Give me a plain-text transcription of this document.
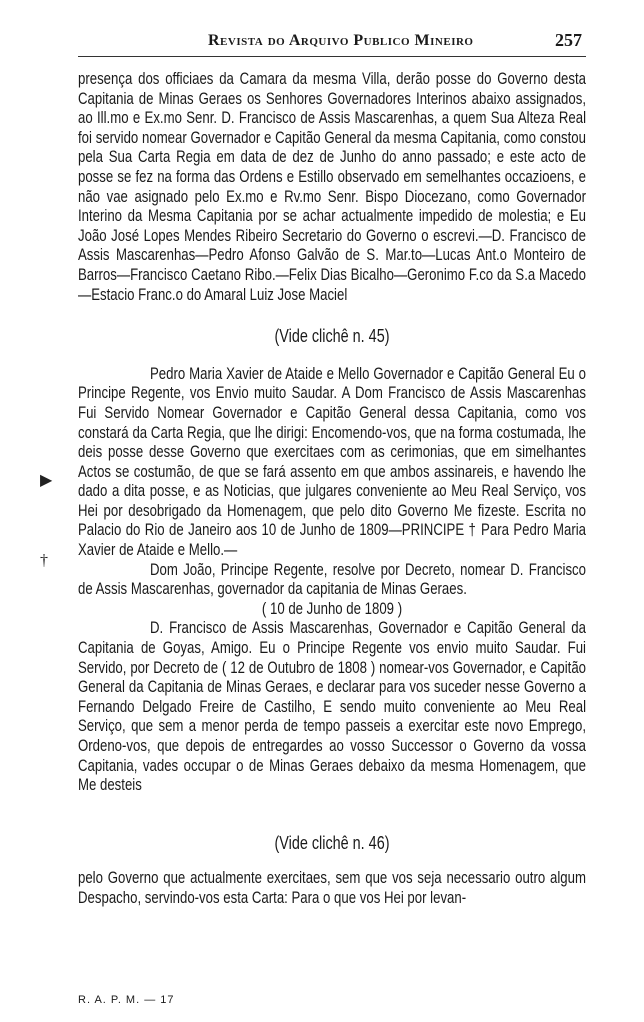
Revista do Arquivo Publico Mineiro	257
▶
†
presença dos officiaes da Camara da mesma Villa, derão posse do Governo desta Capitania de Minas Geraes os Senhores Governadores Interinos abaixo assignados, ao Ill.mo e Ex.mo Senr. D. Francisco de Assis Mascarenhas, a quem Sua Alteza Real foi servido nomear Governador e Capitão General da mesma Capitania, como constou pela Sua Carta Regia em data de dez de Junho do anno passado; e este acto de posse se fez na forma das Ordens e Estillo observado em semelhantes occazioens, e não vae asignado pelo Ex.mo e Rv.mo Senr. Bispo Diocezano, como Governador Interino da Mesma Capitania por se achar actualmente impedido de molestia; e Eu João José Lopes Mendes Ribeiro Secretario do Governo o escrevi.—D. Francisco de Assis Mascarenhas—Pedro Afonso Galvão de S. Mar.to—Lucas Ant.o Monteiro de Barros—Francisco Caetano Ribo.—Felix Dias Bicalho—Geronimo F.co da S.a Macedo—Estacio Franc.o do Amaral Luiz Jose Maciel
(Vide clichê n. 45)
Pedro Maria Xavier de Ataide e Mello Governador e Capitão General Eu o Principe Regente, vos Envio muito Saudar. A Dom Francisco de Assis Mascarenhas Fui Servido Nomear Governador e Capitão General dessa Capitania, como vos constará da Carta Regia, que lhe dirigi: Encomendo-vos, que na forma costumada, lhe deis posse desse Governo que exercitaes com as cerimonias, que em simelhantes Actos se costumão, de que se fará assento em que ambos assinareis, e havendo lhe dado a dita posse, e as Noticias, que julgares conveniente ao Meu Real Serviço, vos Hei por desobrigado da Homenagem, que pelo dito Governo Me fizeste. Escrita no Palacio do Rio de Janeiro aos 10 de Junho de 1809—PRINCIPE † Para Pedro Maria Xavier de Ataide e Mello.—
Dom João, Principe Regente, resolve por Decreto, nomear D. Francisco de Assis Mascarenhas, governador da capitania de Minas Geraes.
( 10 de Junho de 1809 )
D. Francisco de Assis Mascarenhas, Governador e Capitão General da Capitania de Goyas, Amigo. Eu o Principe Regente vos envio muito Saudar. Fui Servido, por Decreto de ( 12 de Outubro de 1808 ) nomear-vos Governador, e Capitão General da Capitania de Minas Geraes, e declarar para vos suceder nesse Governo a Fernando Delgado Freire de Castilho, E sendo muito conveniente ao Meu Real Serviço, que sem a menor perda de tempo passeis a exercitar este novo Emprego, Ordeno-vos, que depois de entregardes ao vosso Successor o Governo da vossa Capitania, vades occupar o de Minas Geraes debaixo da mesma Homenagem, que Me desteis
(Vide clichê n. 46)
pelo Governo que actualmente exercitaes, sem que vos seja necessario outro algum Despacho, servindo-vos esta Carta: Para o que vos Hei por levan-
R. A. P. M. — 17
